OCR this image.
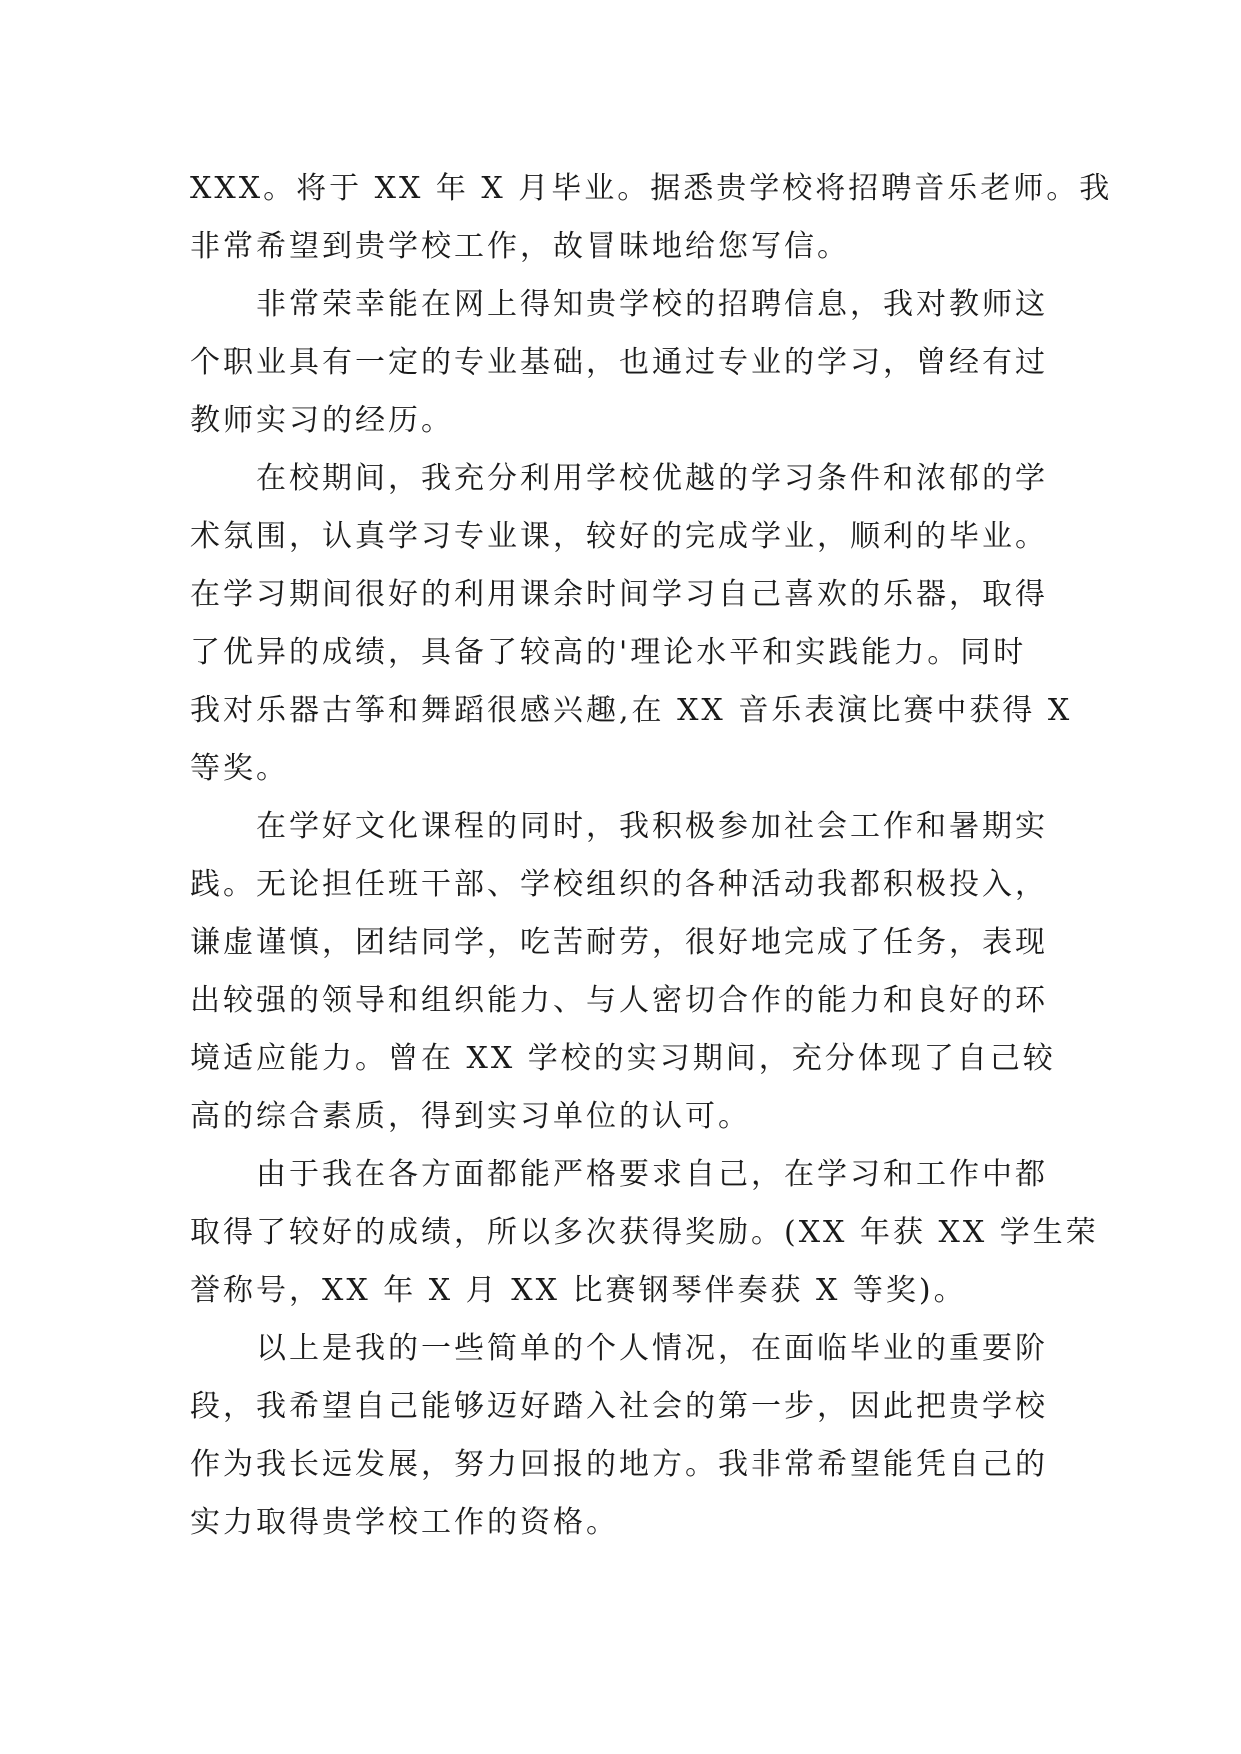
XXX。将于 XX 年 X 月毕业。据悉贵学校将招聘音乐老师。我
非常希望到贵学校工作，故冒昧地给您写信。
　　非常荣幸能在网上得知贵学校的招聘信息，我对教师这
个职业具有一定的专业基础，也通过专业的学习，曾经有过
教师实习的经历。
　　在校期间，我充分利用学校优越的学习条件和浓郁的学
术氛围，认真学习专业课，较好的完成学业，顺利的毕业。
在学习期间很好的利用课余时间学习自己喜欢的乐器，取得
了优异的成绩，具备了较高的'理论水平和实践能力。同时
我对乐器古筝和舞蹈很感兴趣,在 XX 音乐表演比赛中获得 X
等奖。
　　在学好文化课程的同时，我积极参加社会工作和暑期实
践。无论担任班干部、学校组织的各种活动我都积极投入，
谦虚谨慎，团结同学，吃苦耐劳，很好地完成了任务，表现
出较强的领导和组织能力、与人密切合作的能力和良好的环
境适应能力。曾在 XX 学校的实习期间，充分体现了自己较
高的综合素质，得到实习单位的认可。
　　由于我在各方面都能严格要求自己，在学习和工作中都
取得了较好的成绩，所以多次获得奖励。(XX 年获 XX 学生荣
誉称号，XX 年 X 月 XX 比赛钢琴伴奏获 X 等奖)。
　　以上是我的一些简单的个人情况，在面临毕业的重要阶
段，我希望自己能够迈好踏入社会的第一步，因此把贵学校
作为我长远发展，努力回报的地方。我非常希望能凭自己的
实力取得贵学校工作的资格。
